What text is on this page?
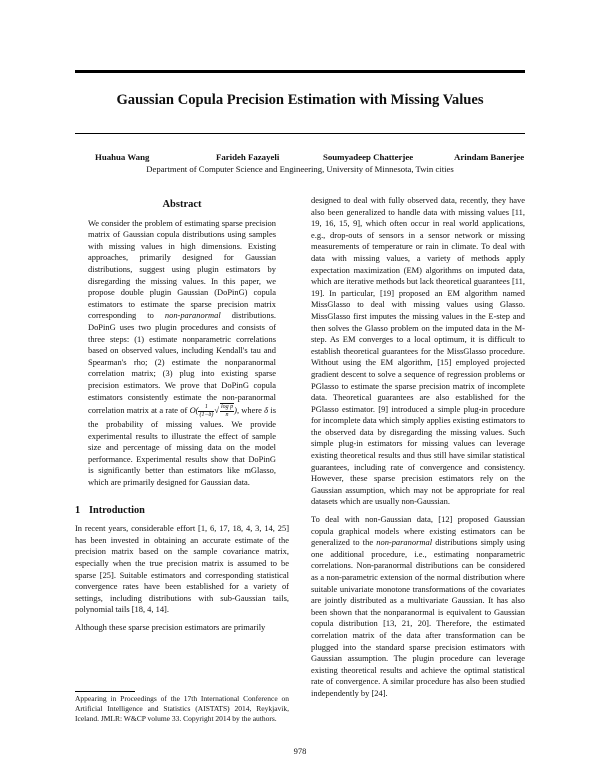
Gaussian Copula Precision Estimation with Missing Values
Huahua Wang	Farideh Fazayeli	Soumyadeep Chatterjee	Arindam Banerjee
Department of Computer Science and Engineering, University of Minnesota, Twin cities
Abstract

We consider the problem of estimating sparse precision matrix of Gaussian copula distributions using samples with missing values in high dimensions. Existing approaches, primarily designed for Gaussian distributions, suggest using plugin estimators by disregarding the missing values. In this paper, we propose double plugin Gaussian (DoPinG) copula estimators to estimate the sparse precision matrix corresponding to non-paranormal distributions. DoPinG uses two plugin procedures and consists of three steps: (1) estimate nonparametric correlations based on observed values, including Kendall's tau and Spearman's rho; (2) estimate the nonparanormal correlation matrix; (3) plug into existing sparse precision estimators. We prove that DoPinG copula estimators consistently estimate the non-paranormal correlation matrix at a rate of $O( \frac{1}{(1-\delta)}$ √ $\frac{\text{log p}}{n}$ ), where δ is the probability of missing values. We provide experimental results to illustrate the effect of sample size and percentage of missing data on the model performance. Experimental results show that DoPinG is significantly better than estimators like mGlasso, which are primarily designed for Gaussian data.

1 Introduction

In recent years, considerable effort [1, 6, 17, 18, 4, 3, 14, 25] has been invested in obtaining an accurate estimate of the precision matrix based on the sample covariance matrix, especially when the true precision matrix is assumed to be sparse [25]. Suitable estimators and corresponding statistical convergence rates have been established for a variety of settings, including distributions with sub-Gaussian tails, polynomial tails [18, 4, 14].

Although these sparse precision estimators are primarily

Appearing in Proceedings of the 17th International Conference on Artificial Intelligence and Statistics (AISTATS) 2014, Reykjavik, Iceland. JMLR: W&CP volume 33. Copyright 2014 by the authors.

designed to deal with fully observed data, recently, they have also been generalized to handle data with missing values [11, 19, 16, 15, 9], which often occur in real world applications, e.g., drop-outs of sensors in a sensor network or missing measurements of temperature or rain in climate. To deal with data with missing values, a variety of methods apply expectation maximization (EM) algorithms on imputed data, which are iterative methods but lack theoretical guarantees [11, 19]. In particular, [19] proposed an EM algorithm named MissGlasso to deal with missing values using Glasso. MissGlasso first imputes the missing values in the E-step and then solves the Glasso problem on the imputed data in the M-step. As EM converges to a local optimum, it is difficult to establish theoretical guarantees for the MissGlasso procedure. Without using the EM algorithm, [15] employed projected gradient descent to solve a sequence of regression problems or PGlasso to estimate the sparse precision matrix of incomplete data. Theoretical guarantees are also established for the PGlasso estimator. [9] introduced a simple plug-in procedure for incomplete data which simply applies existing estimators to the observed data by disregarding the missing values. Such simple plug-in estimators for missing values can leverage existing theoretical results and thus still have similar statistical guarantees, including rate of convergence and consistency. However, these sparse precision estimators rely on the Gaussian assumption, which may not be appropriate for real datasets which are usually non-Gaussian.

To deal with non-Gaussian data, [12] proposed Gaussian copula graphical models where existing estimators can be generalized to the non-paranormal distributions simply using one additional procedure, i.e., estimating nonparametric correlations. Non-paranormal distributions can be considered as a non-parametric extension of the normal distribution where suitable univariate monotone transformations of the covariates are jointly distributed as a multivariate Gaussian. It has also been shown that the nonparanormal is equivalent to Gaussian copula distribution [13, 21, 20]. Therefore, the estimated correlation matrix of the data after transformation can be plugged into the standard sparse precision estimators with Gaussian assumption. The plugin procedure can leverage existing theoretical results and achieve the optimal statistical rate of convergence. A similar procedure has also been studied independently by [24].

978
